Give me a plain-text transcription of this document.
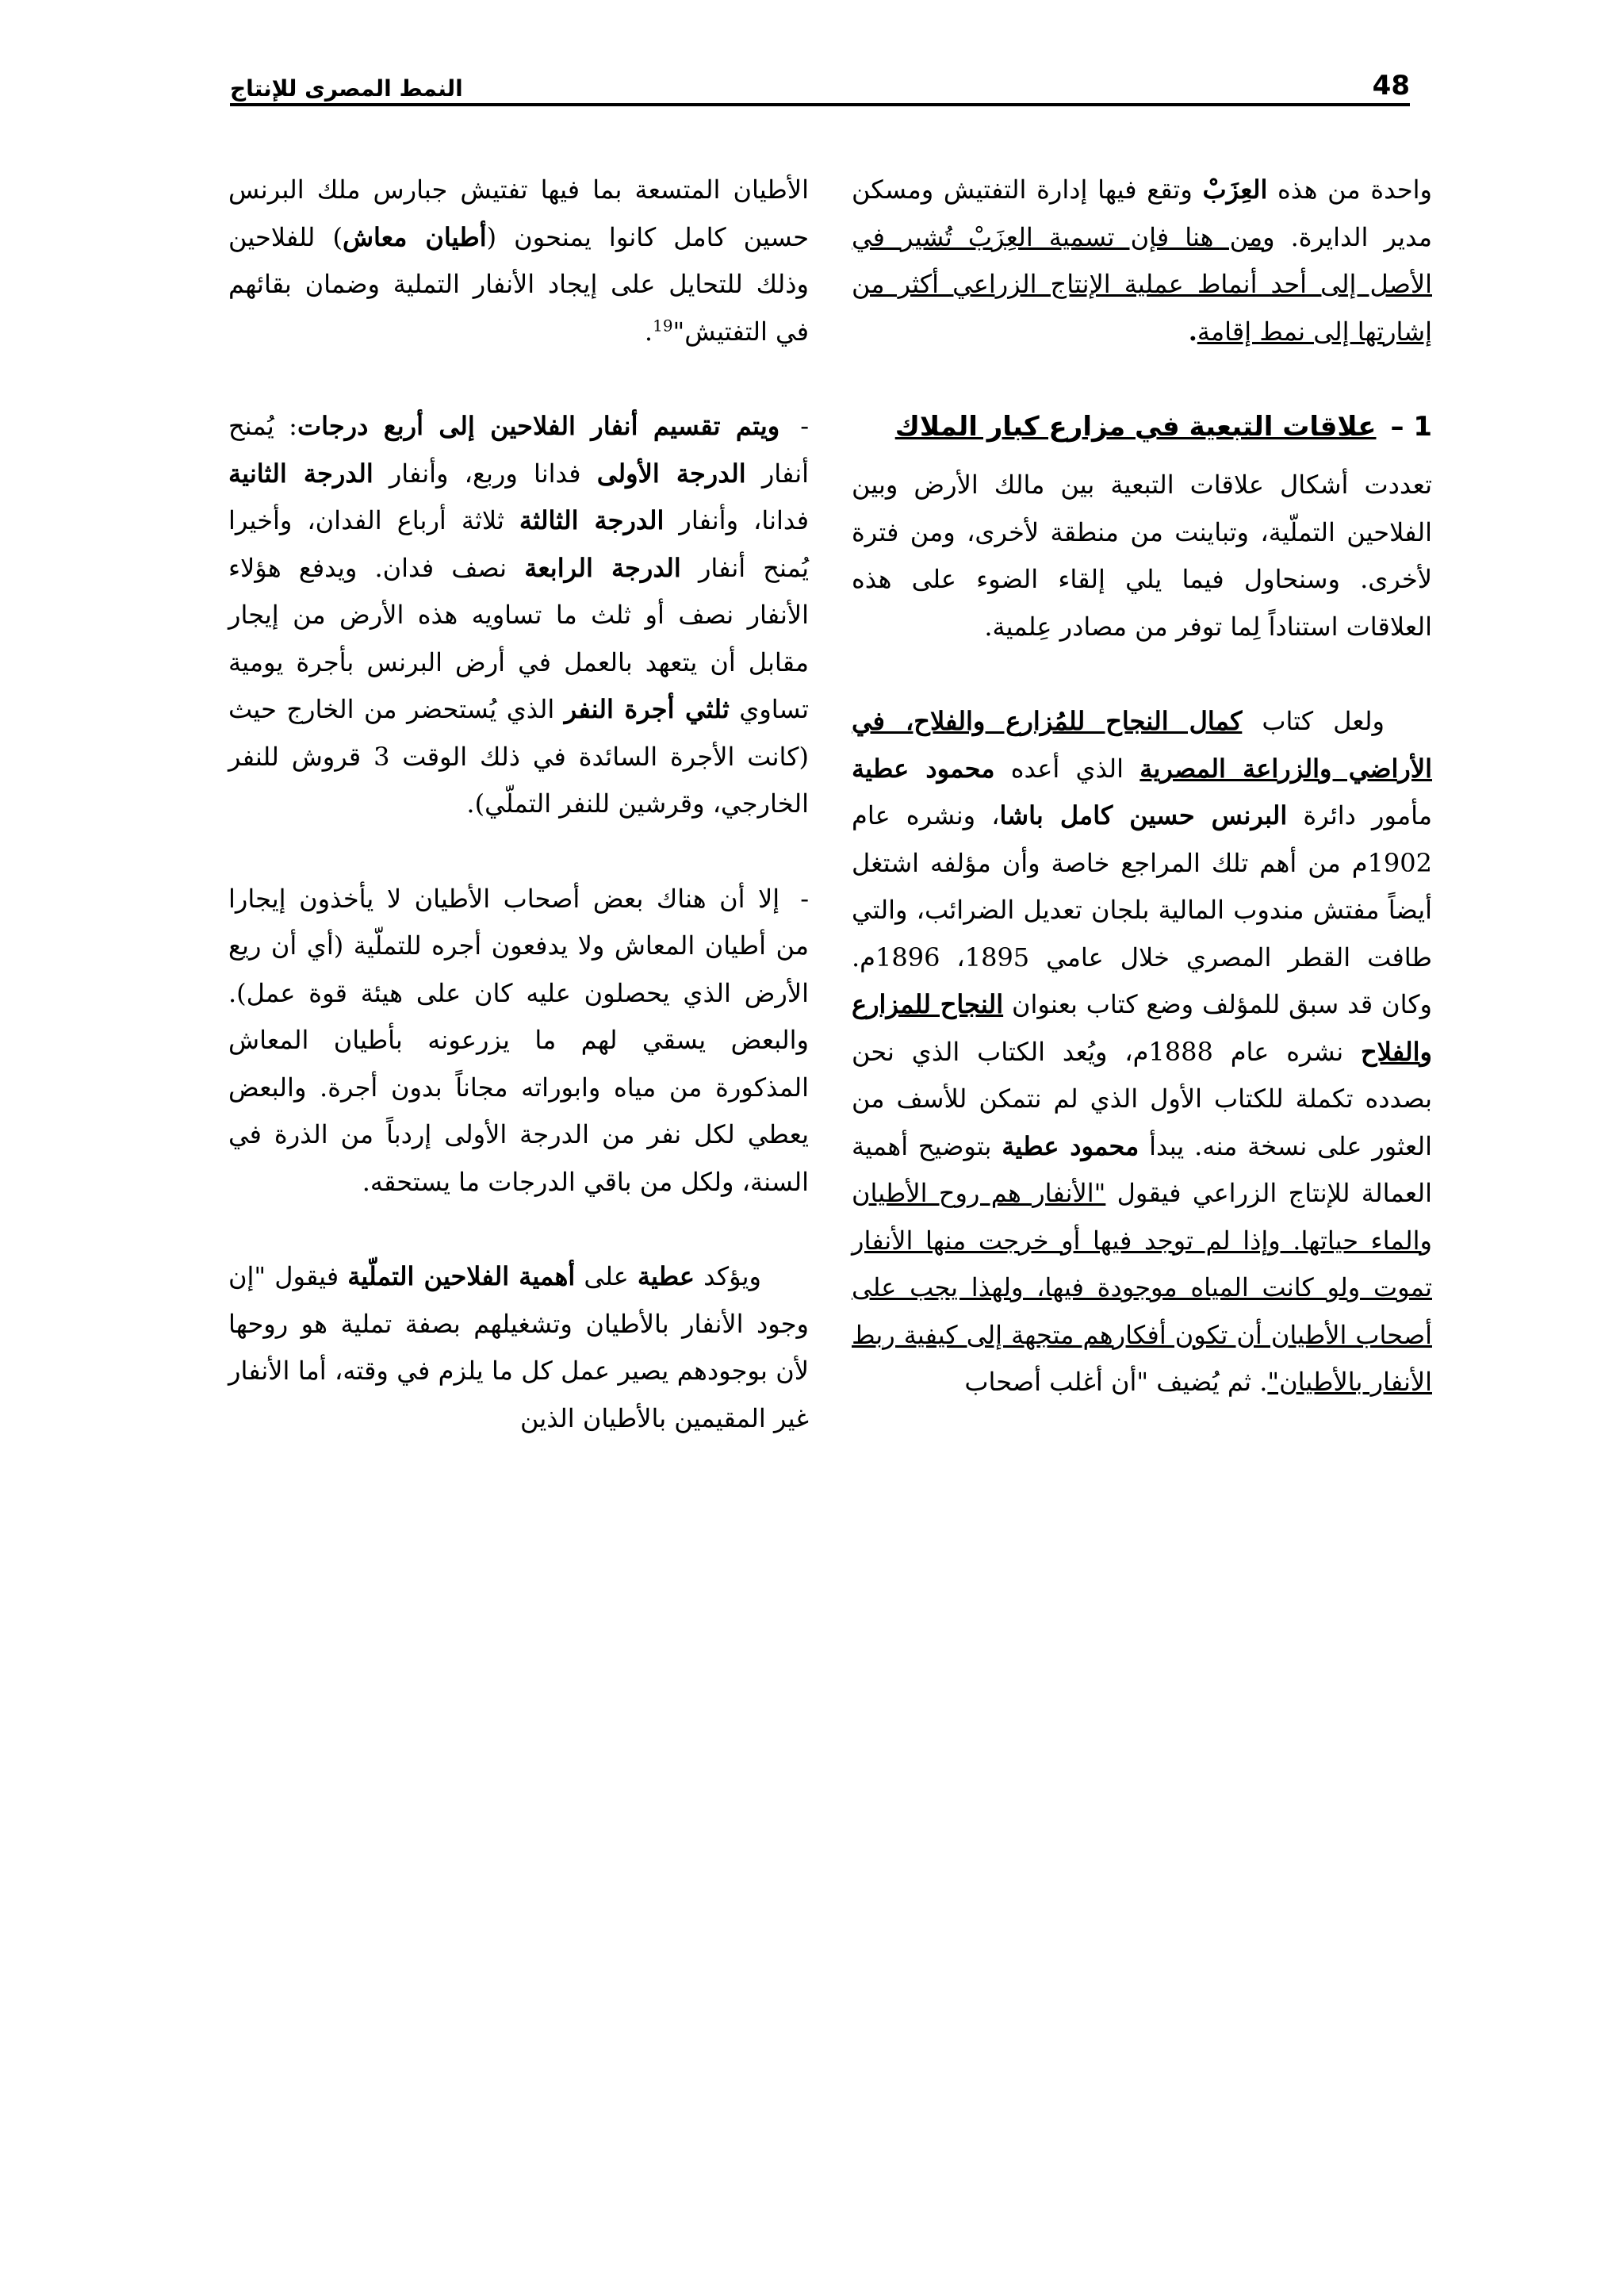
48
النمط المصرى للإنتاج

واحدة من هذه العِزَبْ وتقع فيها إدارة التفتيش ومسكن مدير الدايرة. ومن هنا فإن تسمية العِزَبْ تُشير في الأصل إلى أحد أنماط عملية الإنتاج الزراعي أكثر من إشارتها إلى نمط إقامة.

1 –علاقات التبعية في مزارع كبار الملاك

تعددت أشكال علاقات التبعية بين مالك الأرض وبين الفلاحين التملّية، وتباينت من منطقة لأخرى، ومن فترة لأخرى. وسنحاول فيما يلي إلقاء الضوء على هذه العلاقات استناداً لِما توفر من مصادر عِلمية.

ولعل كتاب كمال النجاح للمُزارع والفلاح، في الأراضي والزراعة المصرية الذي أعده محمود عطية مأمور دائرة البرنس حسين كامل باشا، ونشره عام 1902م من أهم تلك المراجع خاصة وأن مؤلفه اشتغل أيضاً مفتش مندوب المالية بلجان تعديل الضرائب، والتي طافت القطر المصري خلال عامي 1895، 1896م. وكان قد سبق للمؤلف وضع كتاب بعنوان النجاح للمزارع والفلاح نشره عام 1888م، ويُعد الكتاب الذي نحن بصدده تكملة للكتاب الأول الذي لم نتمكن للأسف من العثور على نسخة منه. يبدأ محمود عطية بتوضيح أهمية العمالة للإنتاج الزراعي فيقول "الأنفار هم روح الأطيان والماء حياتها. وإذا لم توجد فيها أو خرجت منها الأنفار تموت ولو كانت المياه موجودة فيها، ولهذا يجب على أصحاب الأطيان أن تكون أفكارهم متجهة إلى كيفية ربط الأنفار بالأطيان". ثم يُضيف "أن أغلب أصحاب

الأطيان المتسعة بما فيها تفتيش جبارس ملك البرنس حسين كامل كانوا يمنحون (أطيان معاش) للفلاحين وذلك للتحايل على إيجاد الأنفار التملية وضمان بقائهم في التفتيش"$^{19}$.

-ويتم تقسيم أنفار الفلاحين إلى أربع درجات: يُمنح أنفار الدرجة الأولى فدانا وربع، وأنفار الدرجة الثانية فدانا، وأنفار الدرجة الثالثة ثلاثة أرباع الفدان، وأخيرا يُمنح أنفار الدرجة الرابعة نصف فدان. ويدفع هؤلاء الأنفار نصف أو ثلث ما تساويه هذه الأرض من إيجار مقابل أن يتعهد بالعمل في أرض البرنس بأجرة يومية تساوي ثلثي أجرة النفر الذي يُستحضر من الخارج حيث (كانت الأجرة السائدة في ذلك الوقت 3 قروش للنفر الخارجي، وقرشين للنفر التملّي).

-إلا أن هناك بعض أصحاب الأطيان لا يأخذون إيجارا من أطيان المعاش ولا يدفعون أجره للتملّية (أي أن ريع الأرض الذي يحصلون عليه كان على هيئة قوة عمل). والبعض يسقي لهم ما يزرعونه بأطيان المعاش المذكورة من مياه وابوراته مجاناً بدون أجرة. والبعض يعطي لكل نفر من الدرجة الأولى إردباً من الذرة في السنة، ولكل من باقي الدرجات ما يستحقه.

ويؤكد عطية على أهمية الفلاحين التملّية فيقول "إن وجود الأنفار بالأطيان وتشغيلهم بصفة تملية هو روحها لأن بوجودهم يصير عمل كل ما يلزم في وقته، أما الأنفار غير المقيمين بالأطيان الذين
